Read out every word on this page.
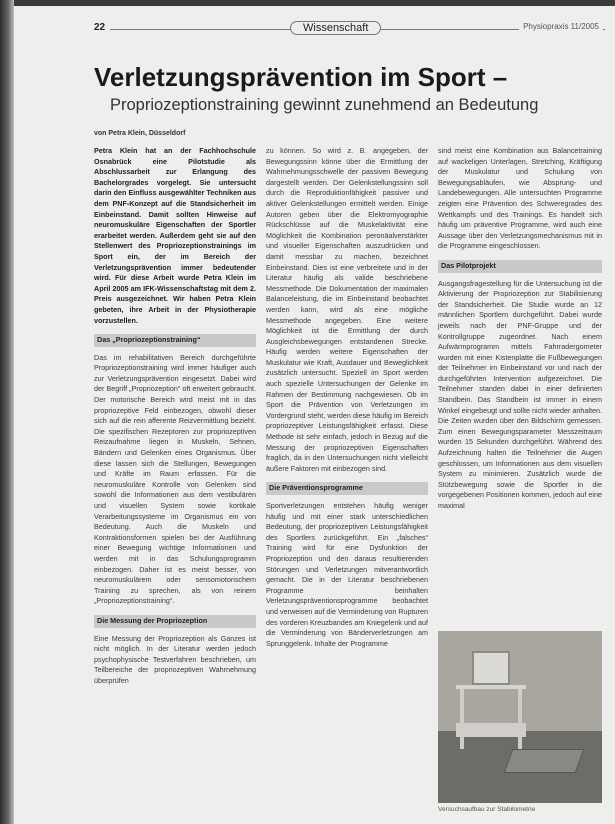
22	Wissenschaft	Physiopraxis 11/2005
Verletzungsprävention im Sport –

Propriozeptionstraining gewinnt zunehmend an Bedeutung

von Petra Klein, Düsseldorf

Petra Klein hat an der Fachhochschule Osnabrück eine Pilotstudie als Abschlussarbeit zur Erlangung des Bachelorgrades vorgelegt. Sie untersucht darin den Einfluss ausgewählter Techniken aus dem PNF-Konzept auf die Standsicherheit im Einbeinstand. Damit sollten Hinweise auf neuromuskuläre Eigenschaften der Sportler erarbeitet werden. Außerdem geht sie auf den Stellenwert des Propriozeptionstrainings im Sport ein, der im Bereich der Verletzungsprävention immer bedeutender wird. Für diese Arbeit wurde Petra Klein im April 2005 am IFK-Wissenschaftstag mit dem 2. Preis ausgezeichnet. Wir haben Petra Klein gebeten, ihre Arbeit in der Physiotherapie vorzustellen.

Das „Propriozeptionstraining“

Das im rehabilitativen Bereich durchgeführte Propriozeptionstraining wird immer häufiger auch zur Verletzungsprävention eingesetzt. Dabei wird der Begriff „Propriozeption“ oft erweitert gebraucht. Der motorische Bereich wird meist mit in das propriozeptive Feld einbezogen, obwohl dieser sich auf die rein afferente Reizvermittlung bezieht. Die spezifischen Rezeptoren zur propriozeptiven Reizaufnahme liegen in Muskeln, Sehnen, Bändern und Gelenken eines Organismus. Über diese lassen sich die Stellungen, Bewegungen und Kräfte im Raum erfassen. Für die neuromuskuläre Kontrolle von Gelenken sind sowohl die Informationen aus dem vestibulären und visuellen System sowie kortikale Verarbeitungssysteme im Organismus ein von Bedeutung. Auch die Muskeln und Kontraktionsformen spielen bei der Ausführung einer Bewegung wichtige Informationen und werden mit in das Schulungsprogramm einbezogen. Daher ist es meist besser, von neuromuskulärem oder sensomotorischem Training zu sprechen, als von reinem „Propriozeptionstraining“.

Die Messung der Propriozeption

Eine Messung der Propriozeption als Ganzes ist nicht möglich. In der Literatur werden jedoch psychophysische Testverfahren beschrieben, um Teilbereiche der propriozeptiven Wahrnehmung überprüfen

zu können. So wird z. B. angegeben, der Bewegungssinn könne über die Ermittlung der Wahrnehmungsschwelle der passiven Bewegung dargestellt werden. Der Gelenkstellungssinn soll durch die Reproduktionfähigkeit passiver und aktiver Gelenkstellungen ermittelt werden. Einige Autoren geben über die Elektromyographie Rückschlüsse auf die Muskelaktivität eine Möglichkeit die Kombination peronäalverstärkter und visueller Eigenschaften auszudrücken und damit messbar zu machen, bezeichnet Einbeinstand. Dies ist eine verbreitete und in der Literatur häufig als valide beschriebene Messmethode. Die Dokumentation der maximalen Balanceleistung, die im Einbeinstand beobachtet werden kann, wird als eine mögliche Messmethode angegeben. Eine weitere Möglichkeit ist die Ermittlung der durch Ausgleichsbewegungen entstandenen Strecke. Häufig werden weitere Eigenschaften der Muskulatur wie Kraft, Ausdauer und Beweglichkeit zusätzlich untersucht. Speziell im Sport werden auch spezielle Untersuchungen der Gelenke im Rahmen der Bestimmung nachgewiesen. Ob im Sport die Prävention von Verletzungen im Vordergrund steht, werden diese häufig im Bereich propriozeptiver Leistungsfähigkeit erfasst. Diese Methode ist sehr einfach, jedoch in Bezug auf die Messung der propriozeptiven Eigenschaften fraglich, da in den Untersuchungen nicht vielleicht äußere Faktoren mit einbezogen sind.

Die Präventionsprogramme

Sportverletzungen entstehen häufig weniger häufig und mit einer stark unterschiedlichen Bedeutung, der propriozeptiven Leistungsfähigkeit des Sportlers zurückgeführt. Ein „falsches“ Training wird für eine Dysfunktion der Propriozeption und den daraus resultierenden Störungen und Verletzungen mitverantwortlich gemacht. Die in der Literatur beschriebenen Programme beinhalten Verletzungspräventionsprogramme beobachtet und verweisen auf die Verminderung von Rupturen des vorderen Kreuzbandes am Kniegelenk und auf die Verminderung von Bänderverletzungen am Sprunggelenk. Inhalte der Programme

sind meist eine Kombination aus Balancetraining auf wackeligen Unterlagen, Stretching, Kräftigung der Muskulatur und Schulung von Bewegungsabläufen, wie Absprung- und Landebewegungen. Alle untersuchten Programme zeigten eine Prävention des Schweregrades des Wettkampfs und des Trainings. Es handelt sich häufig um präventive Programme, wird auch eine Aussage über den Verletzungsmechanismus mit in die Programme eingeschlossen.

Das Pilotprojekt

Ausgangsfragestellung für die Untersuchung ist die Aktivierung der Propriozeption zur Stabilisierung der Standsicherheit. Die Studie wurde an 12 männlichen Sportlern durchgeführt. Dabei wurde jeweils nach der PNF-Gruppe und der Kontrollgruppe zugeordnet. Nach einem Aufwärmprogramm mittels Fahrradergometer wurden mit einer Kistenplatte die Fußbewegungen der Teilnehmer im Einbeinstand vor und nach der durchgeführten Intervention aufgezeichnet. Die Teilnehmer standen dabei in einer definierten Standbein. Das Standbein ist immer in einem Winkel eingebeugt und sollte nicht wieder anhalten. Die Zeiten wurden über den Bildschirm gemessen. Zum einen Bewegungsparameter Messzeitraum wurden 15 Sekunden durchgeführt. Während des Aufzeichnung halten die Teilnehmer die Augen geschlossen, um Informationen aus dem visuellen System zu minimieren. Zusätzlich wurde die Stützbewegung sowie die Sportler in die vorgegebenen Positionen kommen, jedoch auf eine maximal

Versuchsaufbau zur Stabilometrie
